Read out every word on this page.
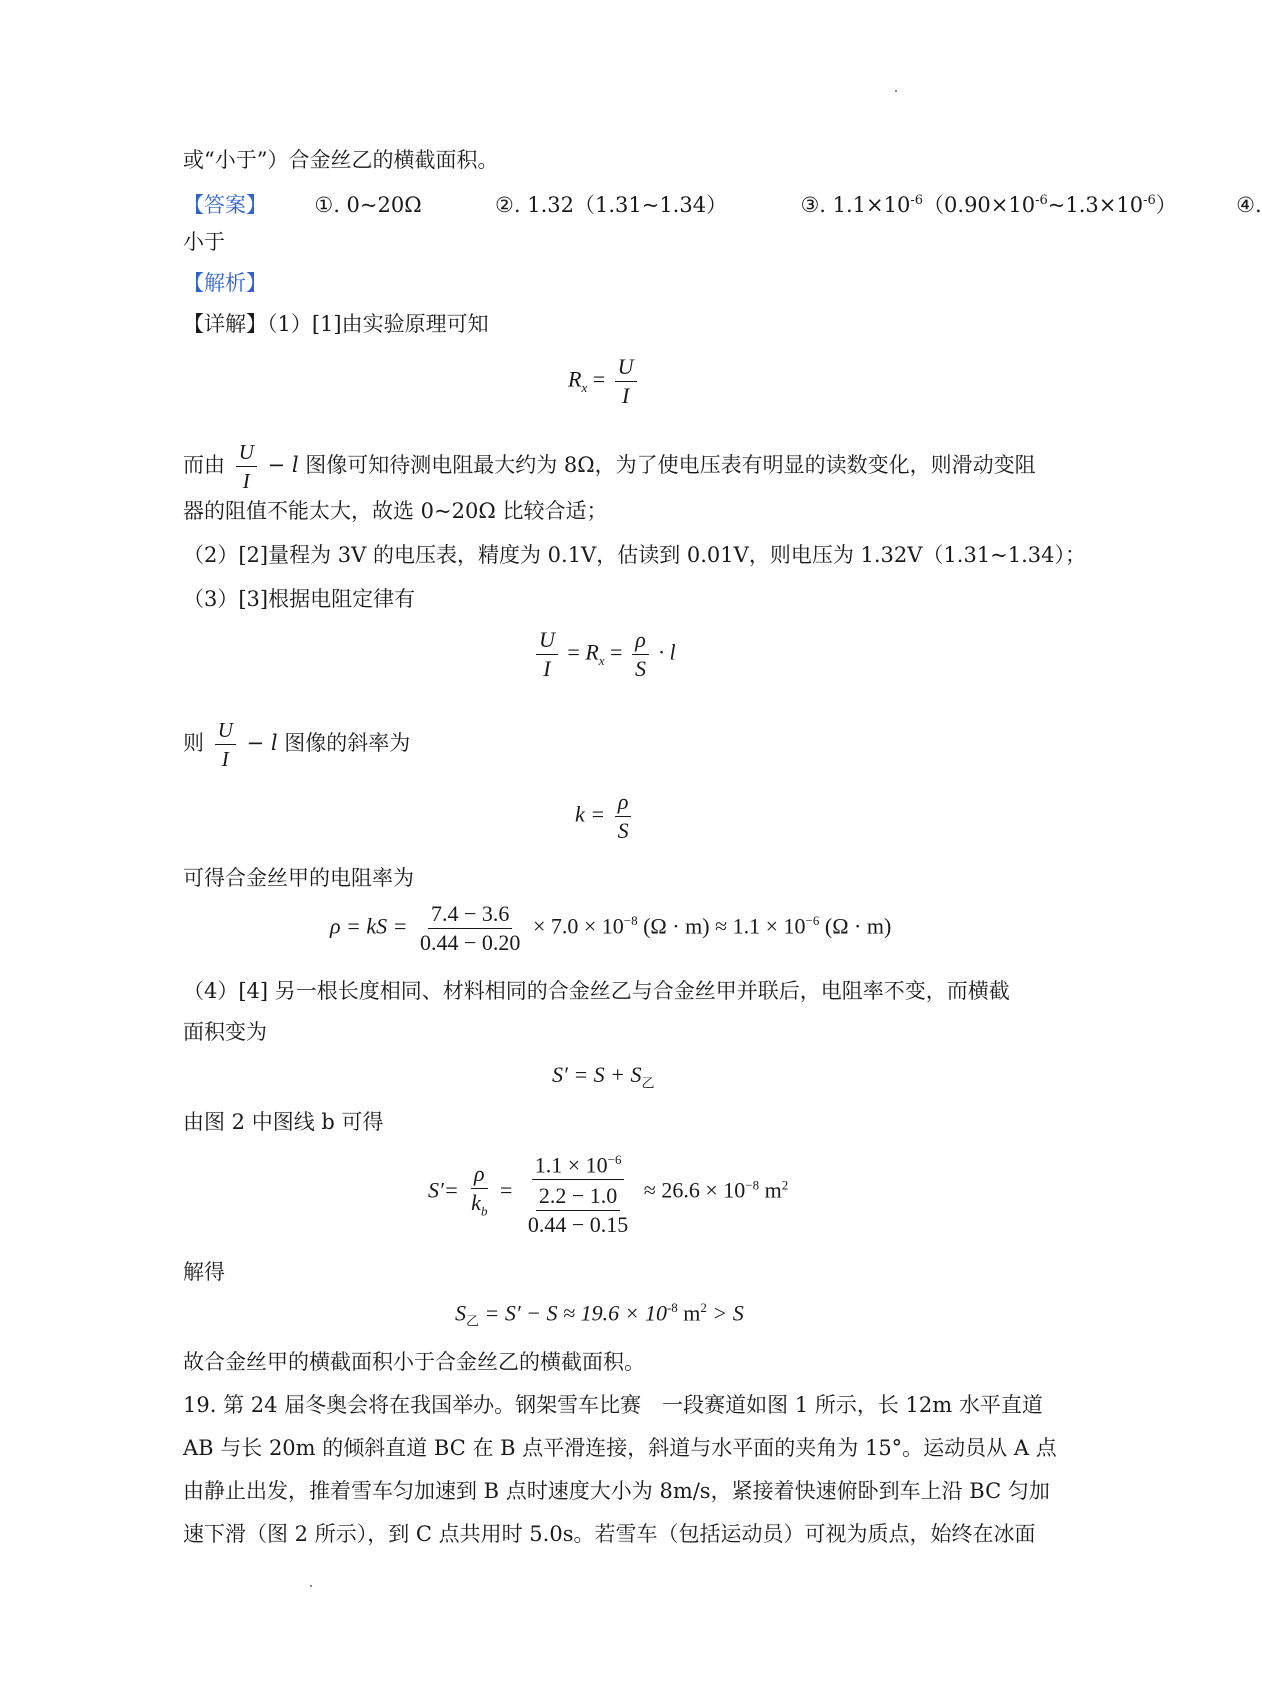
或“小于”）合金丝乙的横截面积。
【答案】 ①. 0~20Ω	②. 1.32（1.31~1.34）	③. $1.1\times 10^{-6}(0.90\times 10^{-6}\sim 1.3\times 10^{-6})$	④.
小于
【解析】
【详解】（1）[1]由实验原理可知
$R_x = \frac{U}{I}$
而由 $\frac{U}{I} - l$ 图像可知待测电阻最大约为 8Ω，为了使电压表有明显的读数变化，则滑动变阻
器的阻值不能太大，故选 0~20Ω 比较合适；
（2）[2]量程为 3V 的电压表，精度为 0.1V，估读到 0.01V，则电压为 1.32V（1.31~1.34）；
（3）[3]根据电阻定律有
$\frac{U}{I} = R_x = \frac{\rho}{S} \cdot l$
则 $\frac{U}{I} - l$ 图像的斜率为
$k = \frac{\rho}{S}$
可得合金丝甲的电阻率为
ρ = kS = $\frac{7.4 - 3.6}{0.44 - 0.20} \times 7.0 \times 10^{-8}$ $(\Omega \cdot m) \approx 1.1 \times 10^{-6}$ (Ω · m)
（4）[4] 另一根长度相同、材料相同的合金丝乙与合金丝甲并联后，电阻率不变，而横截
面积变为
$S' = S + S_乙$
由图 2 中图线 b 可得
$S'= \frac{\rho}{k_b} = \frac{1.1 \times 10^{-6}}{\frac{2.2 - 1.0}{0.44 - 0.15}} \approx 26.6 \times 10^{-8}$ $m^2$
解得
$S_乙 = S' - S \approx 19.6 \times 10^{-8}$ $m^2 > S$
故合金丝甲的横截面积小于合金丝乙的横截面积。
19. 第 24 届冬奥会将在我国举办。钢架雪车比赛　一段赛道如图 1 所示，长 12m 水平直道
AB 与长 20m 的倾斜直道 BC 在 B 点平滑连接，斜道与水平面的夹角为 15°。运动员从 A 点
由静止出发，推着雪车匀加速到 B 点时速度大小为 8m/s，紧接着快速俯卧到车上沿 BC 匀加
速下滑（图 2 所示），到 C 点共用时 5.0s。若雪车（包括运动员）可视为质点，始终在冰面
